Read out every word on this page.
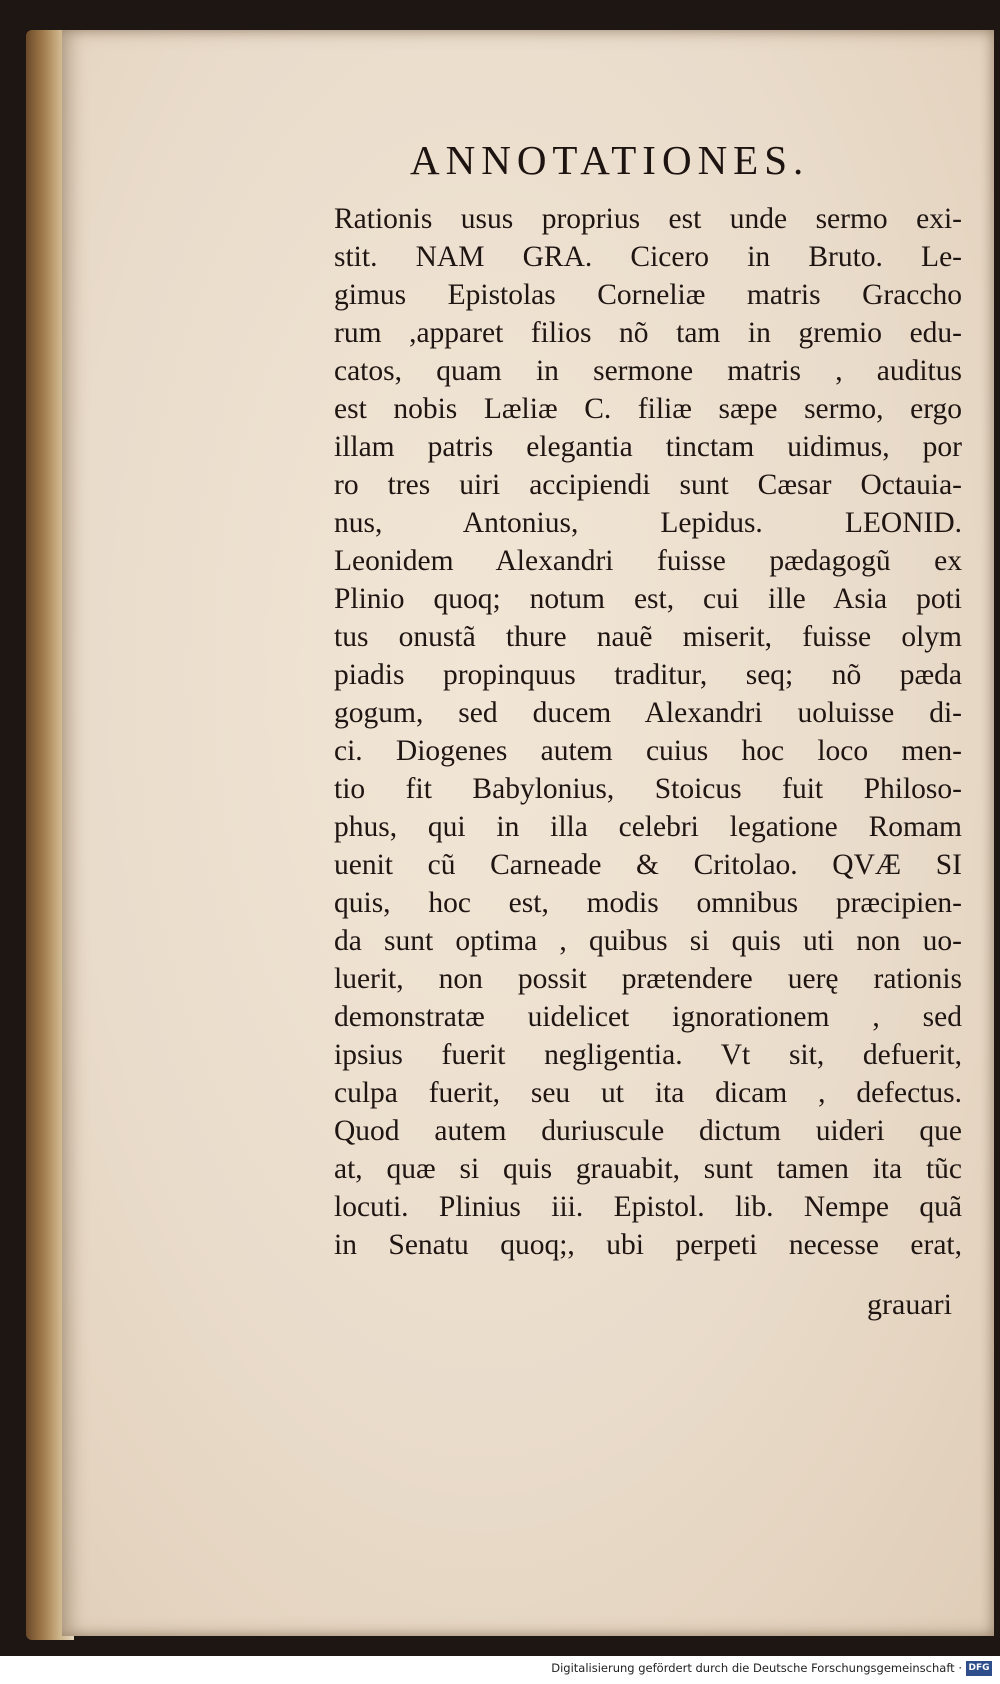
ANNOTATIONES.
Rationis usus proprius est unde sermo exi-
stit. NAM GRA. Cicero in Bruto. Le-
gimus Epistolas Corneliæ matris Graccho
rum ,apparet filios nõ tam in gremio edu-
catos, quam in sermone matris , auditus
est nobis Læliæ C. filiæ sæpe sermo, ergo
illam patris elegantia tinctam uidimus, por
ro tres uiri accipiendi sunt Cæsar Octauia-
nus, Antonius, Lepidus. LEONID.
Leonidem Alexandri fuisse pædagogũ ex
Plinio quoq; notum est, cui ille Asia poti
tus onustã thure nauẽ miserit, fuisse olym
piadis propinquus traditur, seq; nõ pæda
gogum, sed ducem Alexandri uoluisse di-
ci. Diogenes autem cuius hoc loco men-
tio fit Babylonius, Stoicus fuit Philoso-
phus, qui in illa celebri legatione Romam
uenit cũ Carneade & Critolao. QVÆ SI
quis, hoc est, modis omnibus præcipien-
da sunt optima , quibus si quis uti non uo-
luerit, non possit prætendere uerę rationis
demonstratæ uidelicet ignorationem , sed
ipsius fuerit negligentia. Vt sit, defuerit,
culpa fuerit, seu ut ita dicam , defectus.
Quod autem duriuscule dictum uideri que
at, quæ si quis grauabit, sunt tamen ita tũc
locuti. Plinius iii. Epistol. lib. Nempe quã
in Senatu quoq;, ubi perpeti necesse erat,
grauari
Digitalisierung gefördert durch die Deutsche Forschungsgemeinschaft · DFG
